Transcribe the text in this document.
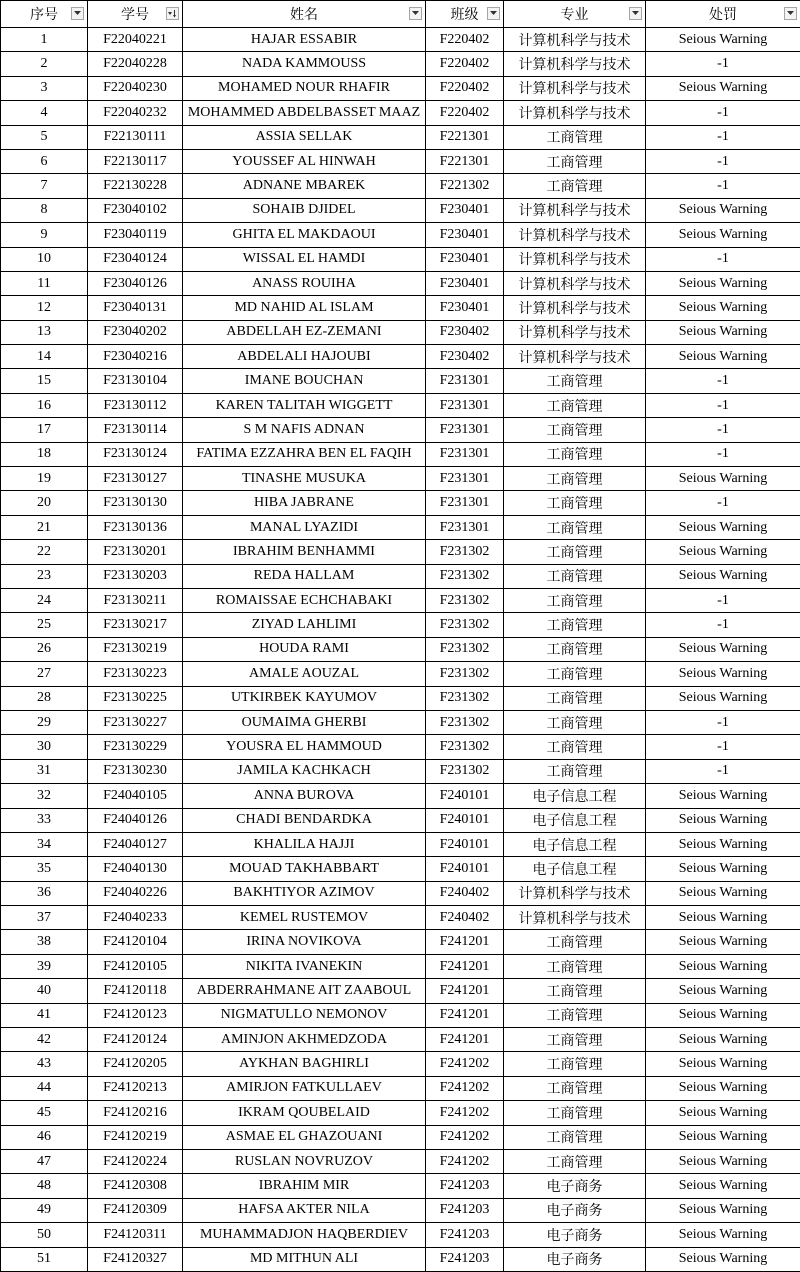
序号	学号	姓名	班级	专业	处罚

1	F22040221	HAJAR ESSABIR	F220402	计算机科学与技术	Seious Warning
2	F22040228	NADA KAMMOUSS	F220402	计算机科学与技术	-1
3	F22040230	MOHAMED NOUR RHAFIR	F220402	计算机科学与技术	Seious Warning
4	F22040232	MOHAMMED ABDELBASSET MAAZ	F220402	计算机科学与技术	-1
5	F22130111	ASSIA SELLAK	F221301	工商管理	-1
6	F22130117	YOUSSEF AL HINWAH	F221301	工商管理	-1
7	F22130228	ADNANE MBAREK	F221302	工商管理	-1
8	F23040102	SOHAIB DJIDEL	F230401	计算机科学与技术	Seious Warning
9	F23040119	GHITA EL MAKDAOUI	F230401	计算机科学与技术	Seious Warning
10	F23040124	WISSAL EL HAMDI	F230401	计算机科学与技术	-1
11	F23040126	ANASS ROUIHA	F230401	计算机科学与技术	Seious Warning
12	F23040131	MD NAHID AL ISLAM	F230401	计算机科学与技术	Seious Warning
13	F23040202	ABDELLAH EZ-ZEMANI	F230402	计算机科学与技术	Seious Warning
14	F23040216	ABDELALI HAJOUBI	F230402	计算机科学与技术	Seious Warning
15	F23130104	IMANE BOUCHAN	F231301	工商管理	-1
16	F23130112	KAREN TALITAH WIGGETT	F231301	工商管理	-1
17	F23130114	S M NAFIS ADNAN	F231301	工商管理	-1
18	F23130124	FATIMA EZZAHRA BEN EL FAQIH	F231301	工商管理	-1
19	F23130127	TINASHE MUSUKA	F231301	工商管理	Seious Warning
20	F23130130	HIBA JABRANE	F231301	工商管理	-1
21	F23130136	MANAL LYAZIDI	F231301	工商管理	Seious Warning
22	F23130201	IBRAHIM BENHAMMI	F231302	工商管理	Seious Warning
23	F23130203	REDA HALLAM	F231302	工商管理	Seious Warning
24	F23130211	ROMAISSAE ECHCHABAKI	F231302	工商管理	-1
25	F23130217	ZIYAD LAHLIMI	F231302	工商管理	-1
26	F23130219	HOUDA RAMI	F231302	工商管理	Seious Warning
27	F23130223	AMALE AOUZAL	F231302	工商管理	Seious Warning
28	F23130225	UTKIRBEK KAYUMOV	F231302	工商管理	Seious Warning
29	F23130227	OUMAIMA GHERBI	F231302	工商管理	-1
30	F23130229	YOUSRA EL HAMMOUD	F231302	工商管理	-1
31	F23130230	JAMILA KACHKACH	F231302	工商管理	-1
32	F24040105	ANNA BUROVA	F240101	电子信息工程	Seious Warning
33	F24040126	CHADI BENDARDKA	F240101	电子信息工程	Seious Warning
34	F24040127	KHALILA HAJJI	F240101	电子信息工程	Seious Warning
35	F24040130	MOUAD TAKHABBART	F240101	电子信息工程	Seious Warning
36	F24040226	BAKHTIYOR AZIMOV	F240402	计算机科学与技术	Seious Warning
37	F24040233	KEMEL RUSTEMOV	F240402	计算机科学与技术	Seious Warning
38	F24120104	IRINA NOVIKOVA	F241201	工商管理	Seious Warning
39	F24120105	NIKITA IVANEKIN	F241201	工商管理	Seious Warning
40	F24120118	ABDERRAHMANE AIT ZAABOUL	F241201	工商管理	Seious Warning
41	F24120123	NIGMATULLO NEMONOV	F241201	工商管理	Seious Warning
42	F24120124	AMINJON AKHMEDZODA	F241201	工商管理	Seious Warning
43	F24120205	AYKHAN BAGHIRLI	F241202	工商管理	Seious Warning
44	F24120213	AMIRJON FATKULLAEV	F241202	工商管理	Seious Warning
45	F24120216	IKRAM QOUBELAID	F241202	工商管理	Seious Warning
46	F24120219	ASMAE EL GHAZOUANI	F241202	工商管理	Seious Warning
47	F24120224	RUSLAN NOVRUZOV	F241202	工商管理	Seious Warning
48	F24120308	IBRAHIM MIR	F241203	电子商务	Seious Warning
49	F24120309	HAFSA AKTER NILA	F241203	电子商务	Seious Warning
50	F24120311	MUHAMMADJON HAQBERDIEV	F241203	电子商务	Seious Warning
51	F24120327	MD MITHUN ALI	F241203	电子商务	Seious Warning
